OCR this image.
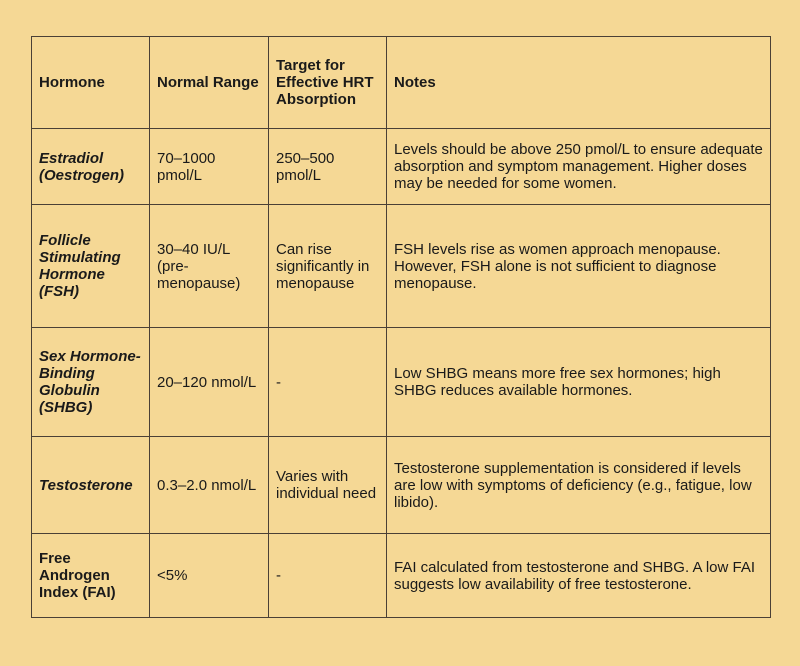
Hormone	Normal Range	Target for Effective HRT Absorption	Notes
Estradiol (Oestrogen)	70–1000 pmol/L	250–500 pmol/L	Levels should be above 250 pmol/L to ensure adequate absorption and symptom management. Higher doses may be needed for some women.
Follicle Stimulating Hormone (FSH)	30–40 IU/L (pre-menopause)	Can rise significantly in menopause	FSH levels rise as women approach menopause. However, FSH alone is not sufficient to diagnose menopause.
Sex Hormone-Binding Globulin (SHBG)	20–120 nmol/L	-	Low SHBG means more free sex hormones; high SHBG reduces available hormones.
Testosterone	0.3–2.0 nmol/L	Varies with individual need	Testosterone supplementation is considered if levels are low with symptoms of deficiency (e.g., fatigue, low libido).
Free Androgen Index (FAI)	<5%	-	FAI calculated from testosterone and SHBG. A low FAI suggests low availability of free testosterone.
